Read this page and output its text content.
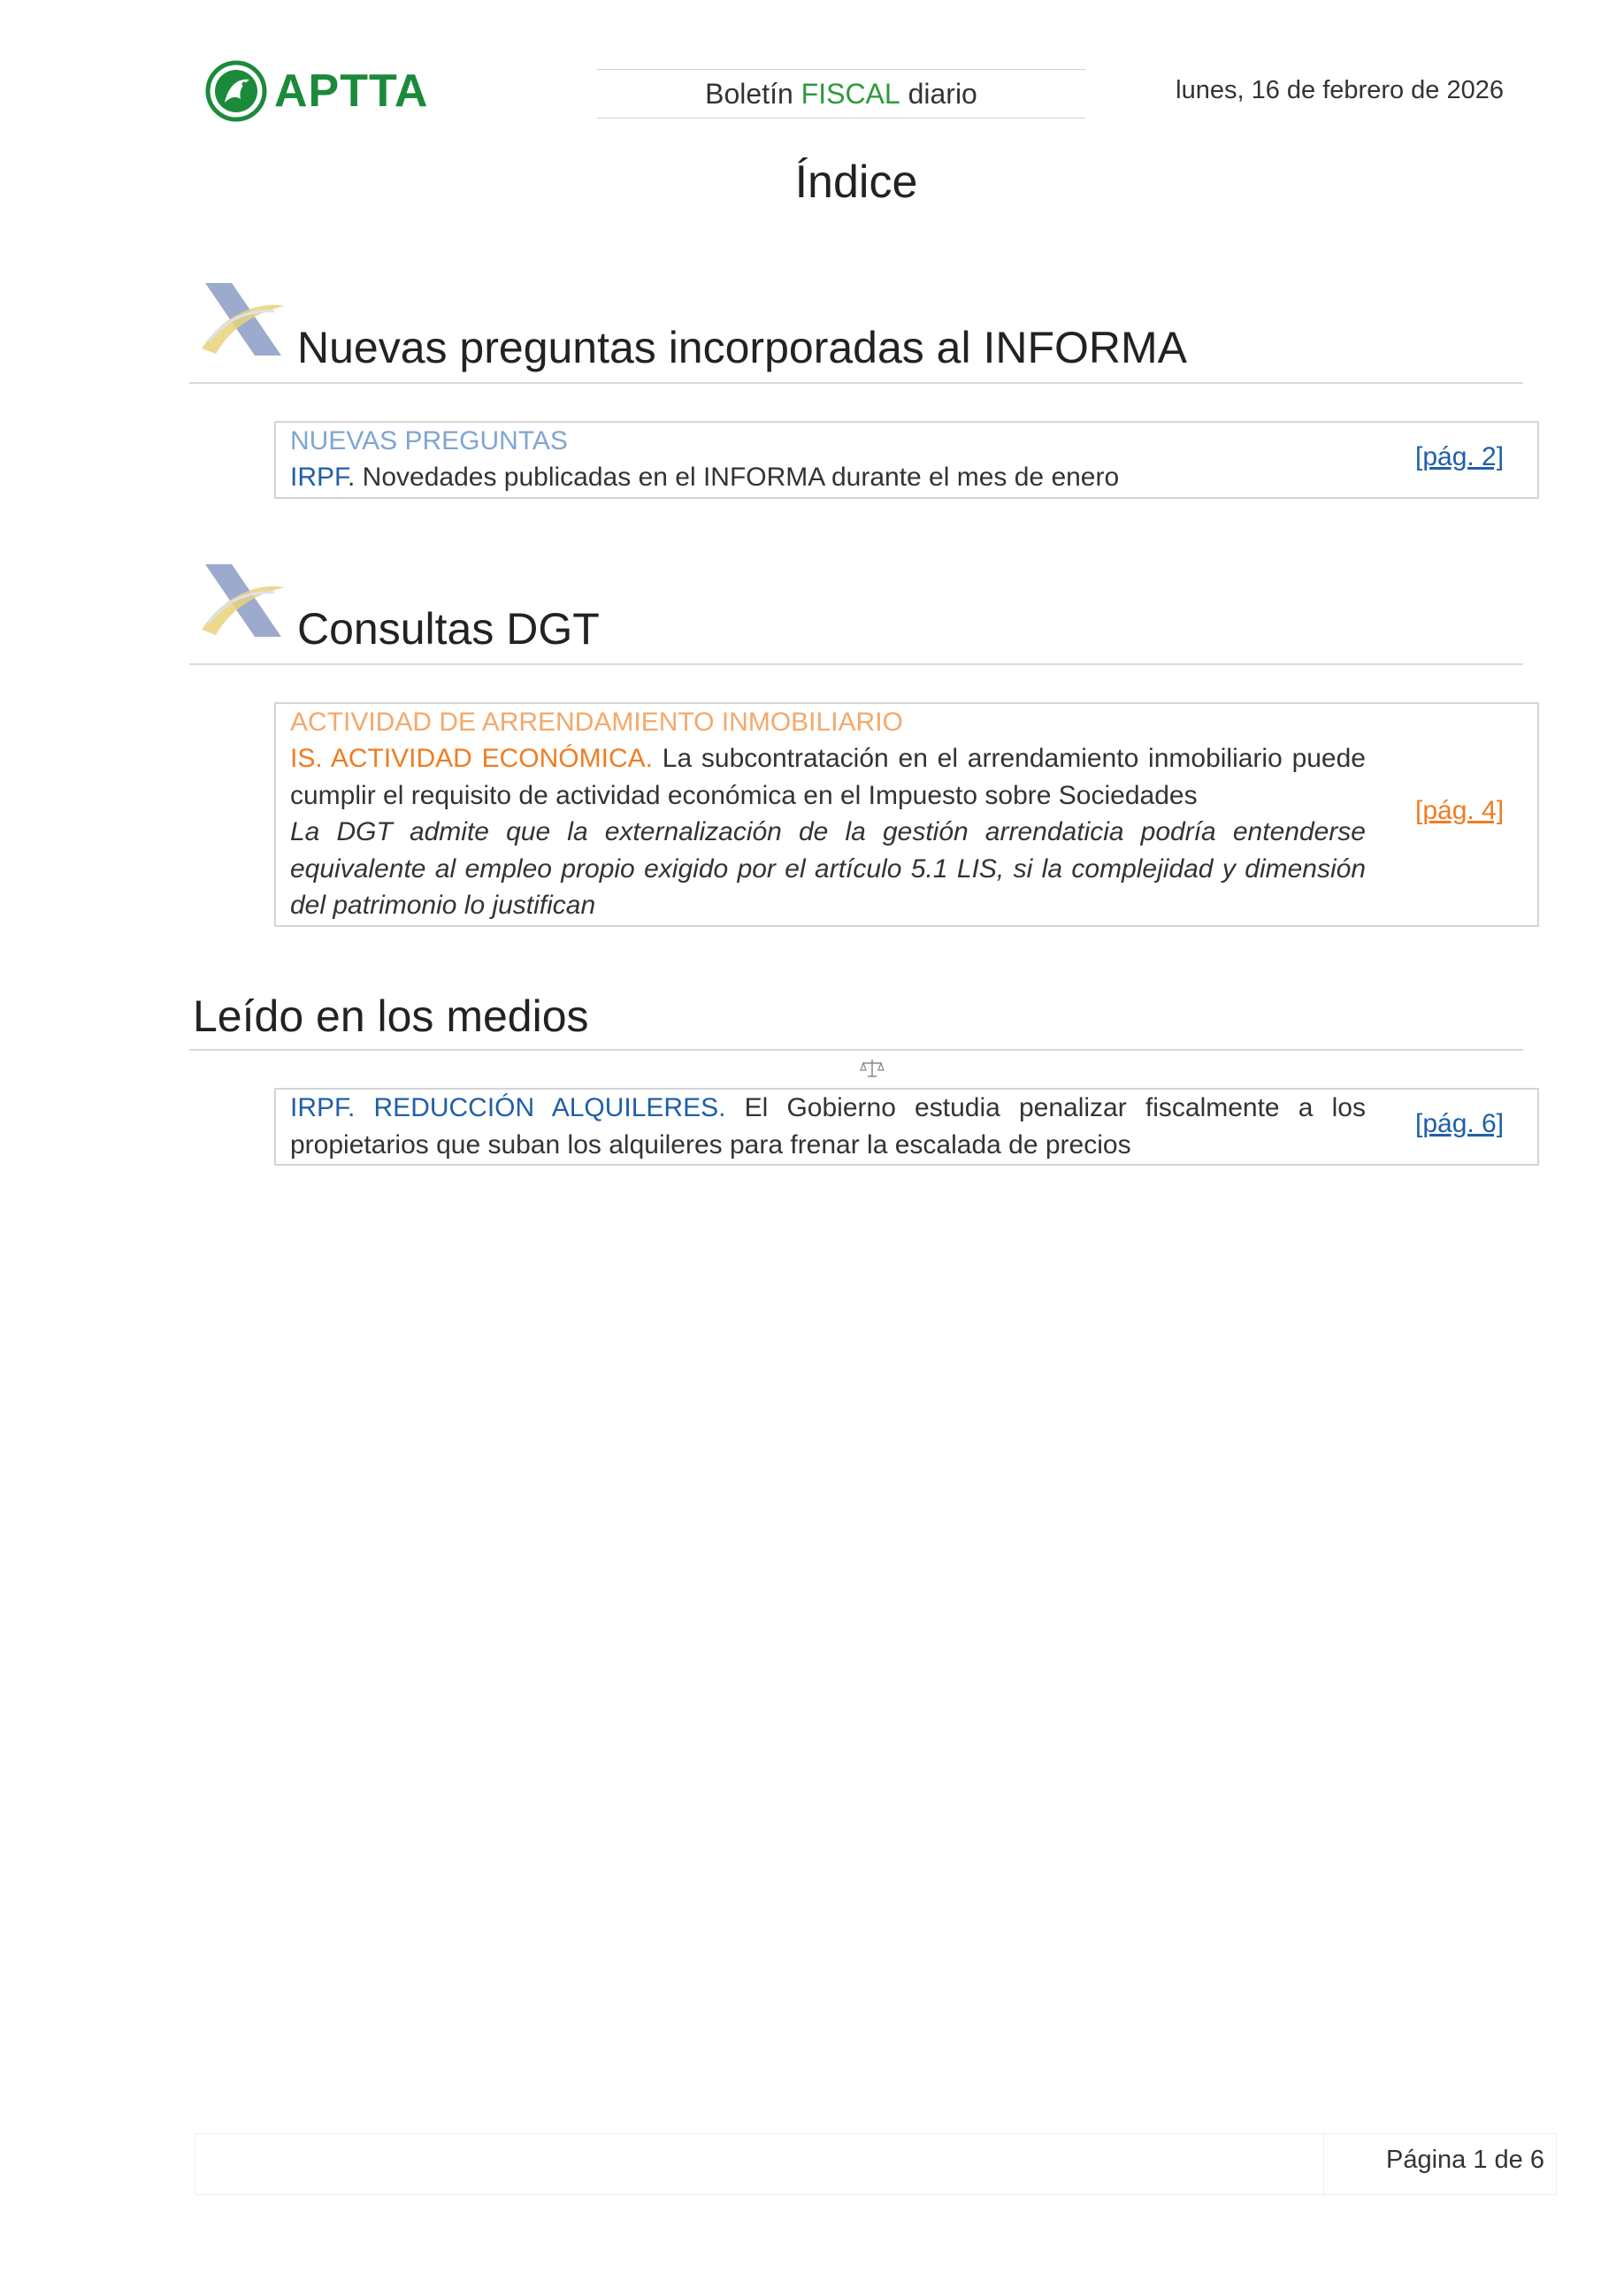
APTTA	Boletín FISCAL diario	lunes, 16 de febrero de 2026
Índice
Nuevas preguntas incorporadas al INFORMA
NUEVAS PREGUNTAS
IRPF. Novedades publicadas en el INFORMA durante el mes de enero
[pág. 2]
Consultas DGT
ACTIVIDAD DE ARRENDAMIENTO INMOBILIARIO
IS. ACTIVIDAD ECONÓMICA. La subcontratación en el arrendamiento inmobiliario puede cumplir el requisito de actividad económica en el Impuesto sobre Sociedades
La DGT admite que la externalización de la gestión arrendaticia podría entenderse equivalente al empleo propio exigido por el artículo 5.1 LIS, si la complejidad y dimensión del patrimonio lo justifican
[pág. 4]
Leído en los medios
IRPF. REDUCCIÓN ALQUILERES. El Gobierno estudia penalizar fiscalmente a los propietarios que suban los alquileres para frenar la escalada de precios
[pág. 6]
Página 1 de 6
